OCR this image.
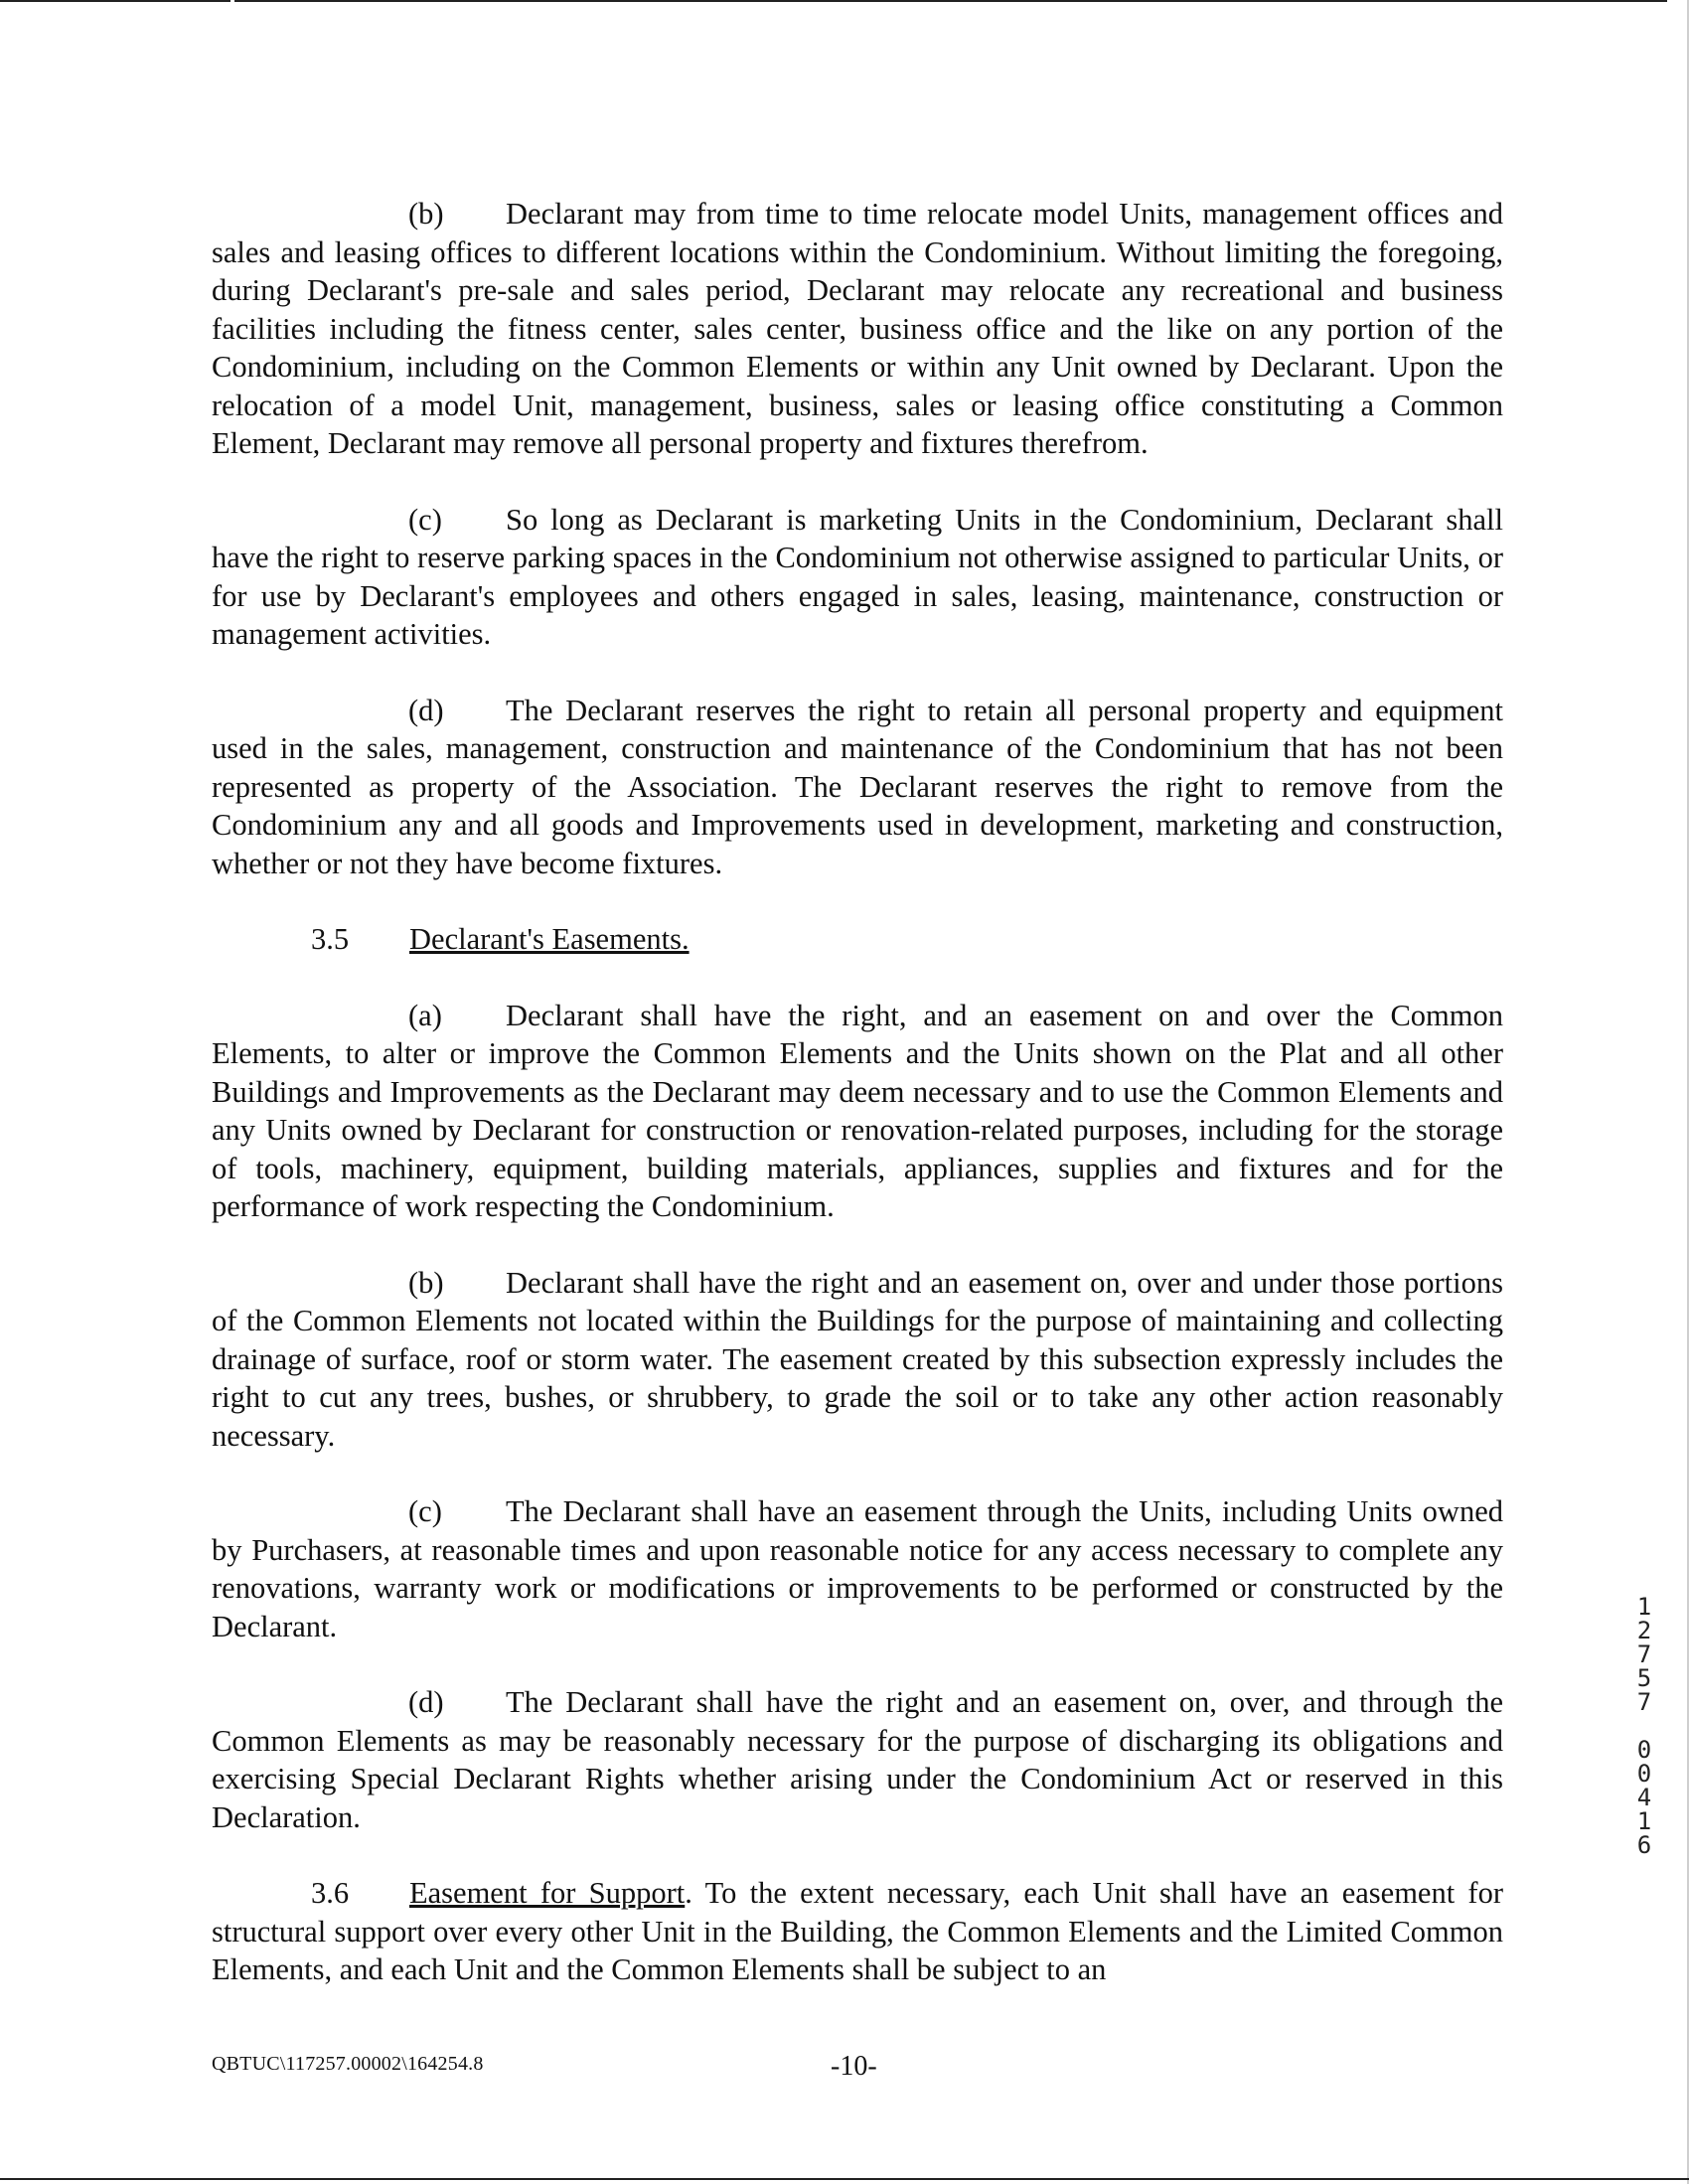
(b) Declarant may from time to time relocate model Units, management offices and sales and leasing offices to different locations within the Condominium. Without limiting the foregoing, during Declarant's pre-sale and sales period, Declarant may relocate any recreational and business facilities including the fitness center, sales center, business office and the like on any portion of the Condominium, including on the Common Elements or within any Unit owned by Declarant. Upon the relocation of a model Unit, management, business, sales or leasing office constituting a Common Element, Declarant may remove all personal property and fixtures therefrom.

(c) So long as Declarant is marketing Units in the Condominium, Declarant shall have the right to reserve parking spaces in the Condominium not otherwise assigned to particular Units, or for use by Declarant's employees and others engaged in sales, leasing, maintenance, construction or management activities.

(d) The Declarant reserves the right to retain all personal property and equipment used in the sales, management, construction and maintenance of the Condominium that has not been represented as property of the Association. The Declarant reserves the right to remove from the Condominium any and all goods and Improvements used in development, marketing and construction, whether or not they have become fixtures.

3.5 Declarant's Easements.

(a) Declarant shall have the right, and an easement on and over the Common Elements, to alter or improve the Common Elements and the Units shown on the Plat and all other Buildings and Improvements as the Declarant may deem necessary and to use the Common Elements and any Units owned by Declarant for construction or renovation-related purposes, including for the storage of tools, machinery, equipment, building materials, appliances, supplies and fixtures and for the performance of work respecting the Condominium.

(b) Declarant shall have the right and an easement on, over and under those portions of the Common Elements not located within the Buildings for the purpose of maintaining and collecting drainage of surface, roof or storm water. The easement created by this subsection expressly includes the right to cut any trees, bushes, or shrubbery, to grade the soil or to take any other action reasonably necessary.

(c) The Declarant shall have an easement through the Units, including Units owned by Purchasers, at reasonable times and upon reasonable notice for any access necessary to complete any renovations, warranty work or modifications or improvements to be performed or constructed by the Declarant.

(d) The Declarant shall have the right and an easement on, over, and through the Common Elements as may be reasonably necessary for the purpose of discharging its obligations and exercising Special Declarant Rights whether arising under the Condominium Act or reserved in this Declaration.

3.6 Easement for Support. To the extent necessary, each Unit shall have an easement for structural support over every other Unit in the Building, the Common Elements and the Limited Common Elements, and each Unit and the Common Elements shall be subject to an

1
2
7
5
7
0
0
4
1
6
QBTUC\117257.00002\164254.8	-10-
